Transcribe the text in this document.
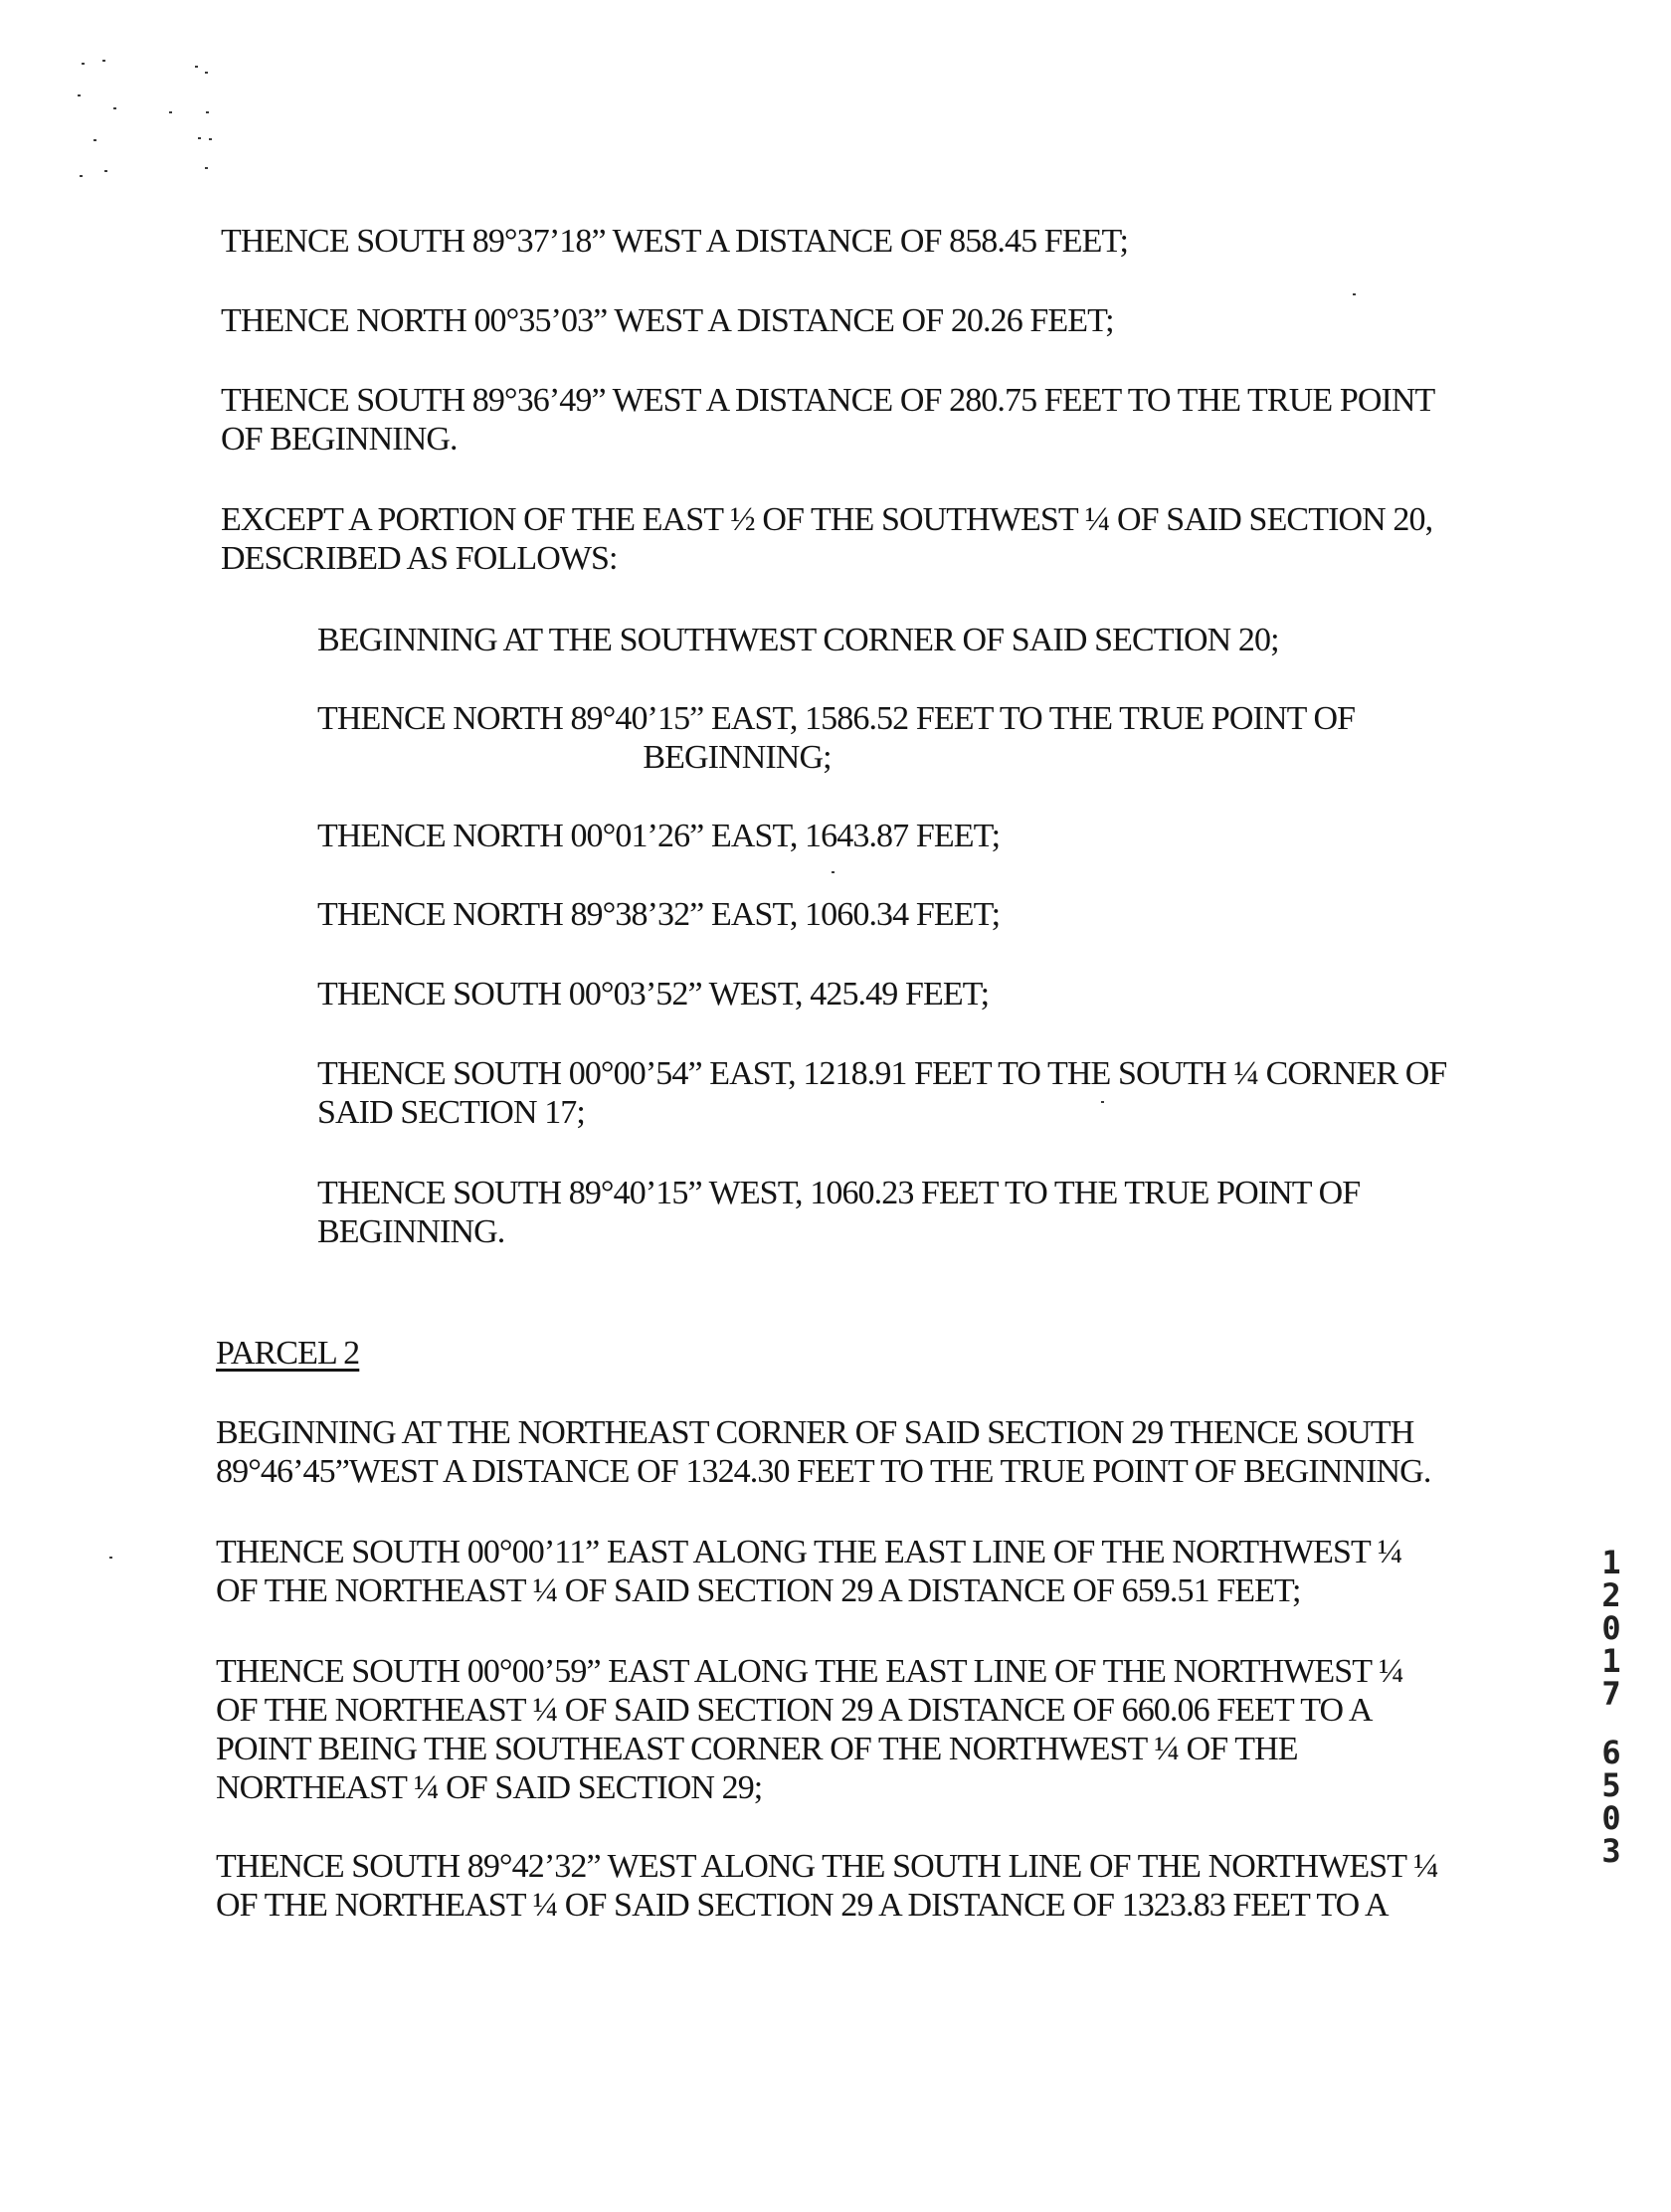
THENCE SOUTH 89°37’18” WEST A DISTANCE OF 858.45 FEET;

THENCE NORTH 00°35’03” WEST A DISTANCE OF 20.26 FEET;

THENCE SOUTH 89°36’49” WEST A DISTANCE OF 280.75 FEET TO THE TRUE POINT
OF BEGINNING.

EXCEPT A PORTION OF THE EAST ½ OF THE SOUTHWEST ¼ OF SAID SECTION 20,
DESCRIBED AS FOLLOWS:

BEGINNING AT THE SOUTHWEST CORNER OF SAID SECTION 20;

THENCE NORTH 89°40’15” EAST, 1586.52 FEET TO THE TRUE POINT OF
BEGINNING;

THENCE NORTH 00°01’26” EAST, 1643.87 FEET;

THENCE NORTH 89°38’32” EAST, 1060.34 FEET;

THENCE SOUTH 00°03’52” WEST, 425.49 FEET;

THENCE SOUTH 00°00’54” EAST, 1218.91 FEET TO THE SOUTH ¼ CORNER OF
SAID SECTION 17;

THENCE SOUTH 89°40’15” WEST, 1060.23 FEET TO THE TRUE POINT OF
BEGINNING.

PARCEL 2

BEGINNING AT THE NORTHEAST CORNER OF SAID SECTION 29 THENCE SOUTH
89°46’45”WEST A DISTANCE OF 1324.30 FEET TO THE TRUE POINT OF BEGINNING.

THENCE SOUTH 00°00’11” EAST ALONG THE EAST LINE OF THE NORTHWEST ¼
OF THE NORTHEAST ¼ OF SAID SECTION 29 A DISTANCE OF 659.51 FEET;

THENCE SOUTH 00°00’59” EAST ALONG THE EAST LINE OF THE NORTHWEST ¼
OF THE NORTHEAST ¼ OF SAID SECTION 29 A DISTANCE OF 660.06 FEET TO A
POINT BEING THE SOUTHEAST CORNER OF THE NORTHWEST ¼ OF THE
NORTHEAST ¼ OF SAID SECTION 29;

THENCE SOUTH 89°42’32” WEST ALONG THE SOUTH LINE OF THE NORTHWEST ¼
OF THE NORTHEAST ¼ OF SAID SECTION 29 A DISTANCE OF 1323.83 FEET TO A

1
2
0
1
7
6
5
0
3
